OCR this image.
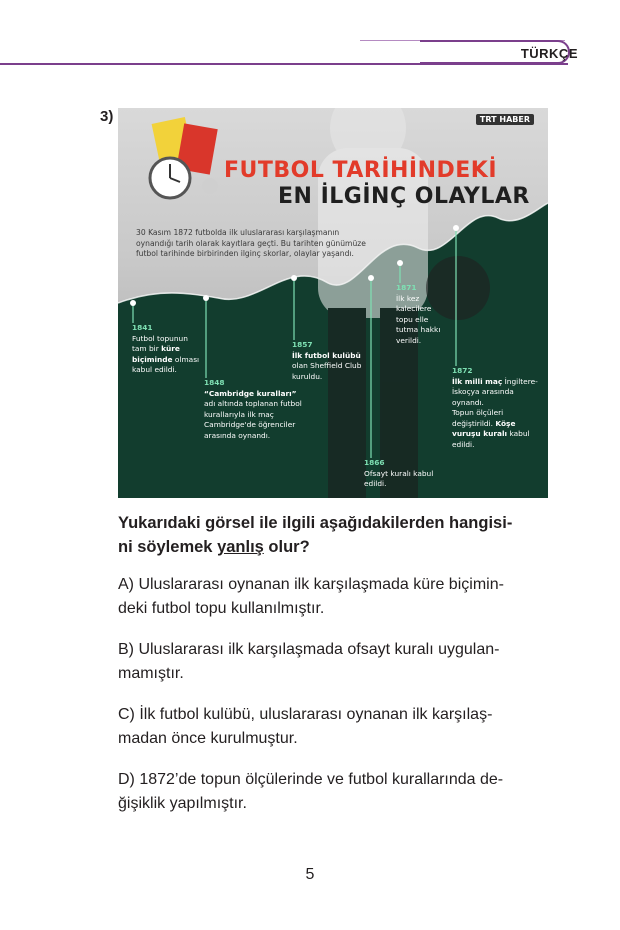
TÜRKÇE
3)	TRT HABER
FUTBOL TARİHİNDEKİ
EN İLGİNÇ OLAYLAR
30 Kasım 1872 futbolda ilk uluslararası karşılaşmanın oynandığı tarih olarak kayıtlara geçti. Bu tarihten günümüze futbol tarihinde birbirinden ilginç skorlar, olaylar yaşandı.
1841
Futbol topunun tam bir küre biçiminde olması kabul edildi.
1848
“Cambridge kuralları” adı altında toplanan futbol kurallarıyla ilk maç Cambridge'de öğrenciler arasında oynandı.
1857
İlk futbol kulübü olan Sheffield Club kuruldu.
1866
Ofsayt kuralı kabul edildi.
1871
İlk kez kalecilere topu elle tutma hakkı verildi.
1872
İlk milli maç İngiltere-İskoçya arasında oynandı.
Topun ölçüleri değiştirildi. Köşe vuruşu kuralı kabul edildi.
Yukarıdaki görsel ile ilgili aşağıdakilerden hangisi-
ni söylemek yanlış olur?
A) Uluslararası oynanan ilk karşılaşmada küre biçimin-
deki futbol topu kullanılmıştır.
B) Uluslararası ilk karşılaşmada ofsayt kuralı uygulan-
mamıştır.
C) İlk futbol kulübü, uluslararası oynanan ilk karşılaş-
madan önce kurulmuştur.
D) 1872’de topun ölçülerinde ve futbol kurallarında de-
ğişiklik yapılmıştır.
5
